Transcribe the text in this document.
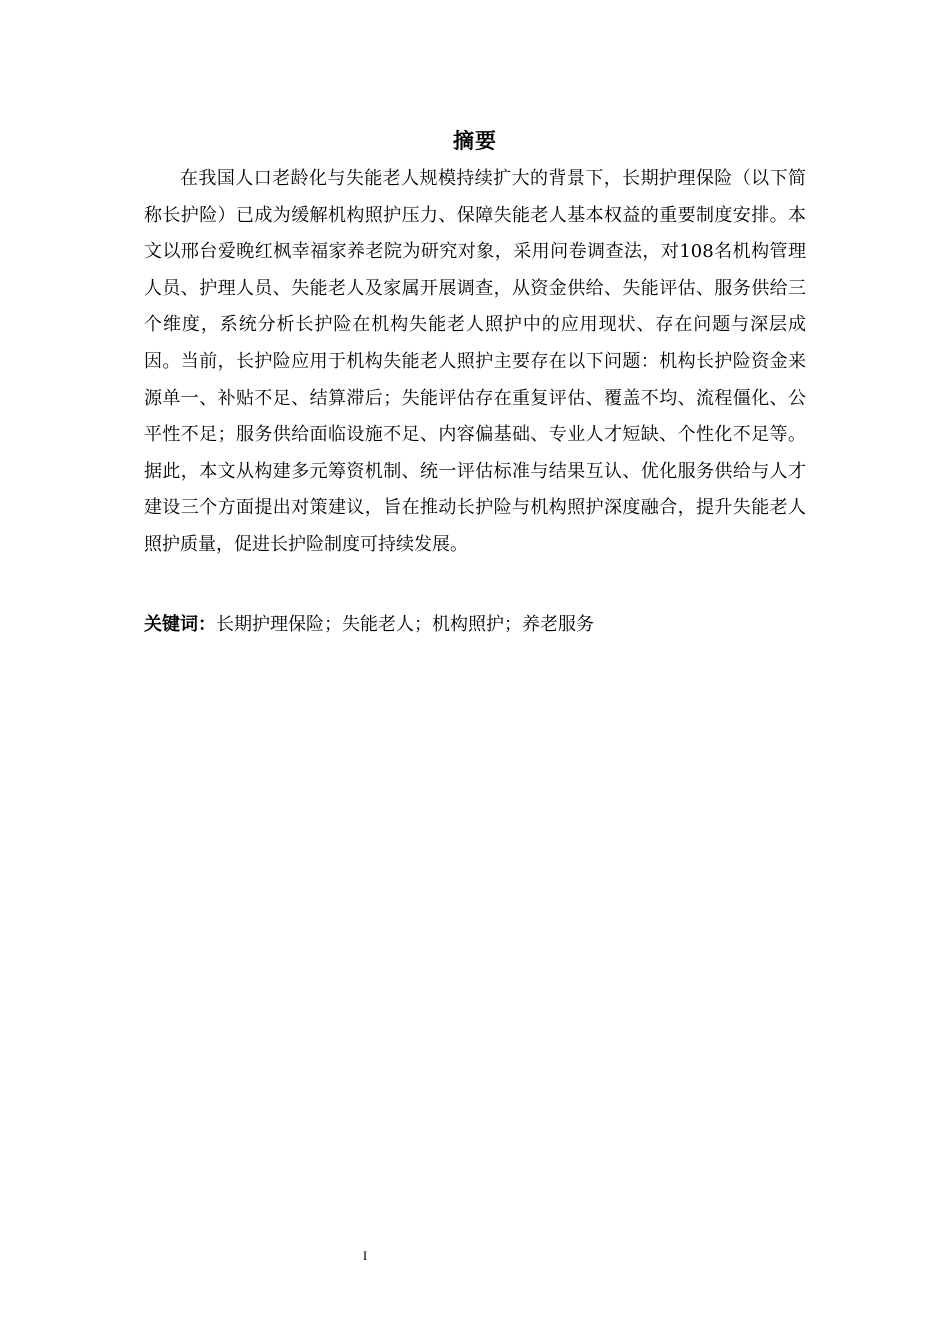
摘要

在我国人口老龄化与失能老人规模持续扩大的背景下，长期护理保险（以下简称长护险）已成为缓解机构照护压力、保障失能老人基本权益的重要制度安排。本文以邢台爱晚红枫幸福家养老院为研究对象，采用问卷调查法，对108名机构管理人员、护理人员、失能老人及家属开展调查，从资金供给、失能评估、服务供给三个维度，系统分析长护险在机构失能老人照护中的应用现状、存在问题与深层成因。当前，长护险应用于机构失能老人照护主要存在以下问题：机构长护险资金来源单一、补贴不足、结算滞后；失能评估存在重复评估、覆盖不均、流程僵化、公平性不足；服务供给面临设施不足、内容偏基础、专业人才短缺、个性化不足等。据此，本文从构建多元筹资机制、统一评估标准与结果互认、优化服务供给与人才建设三个方面提出对策建议，旨在推动长护险与机构照护深度融合，提升失能老人照护质量，促进长护险制度可持续发展。

关键词：长期护理保险；失能老人；机构照护；养老服务

I
